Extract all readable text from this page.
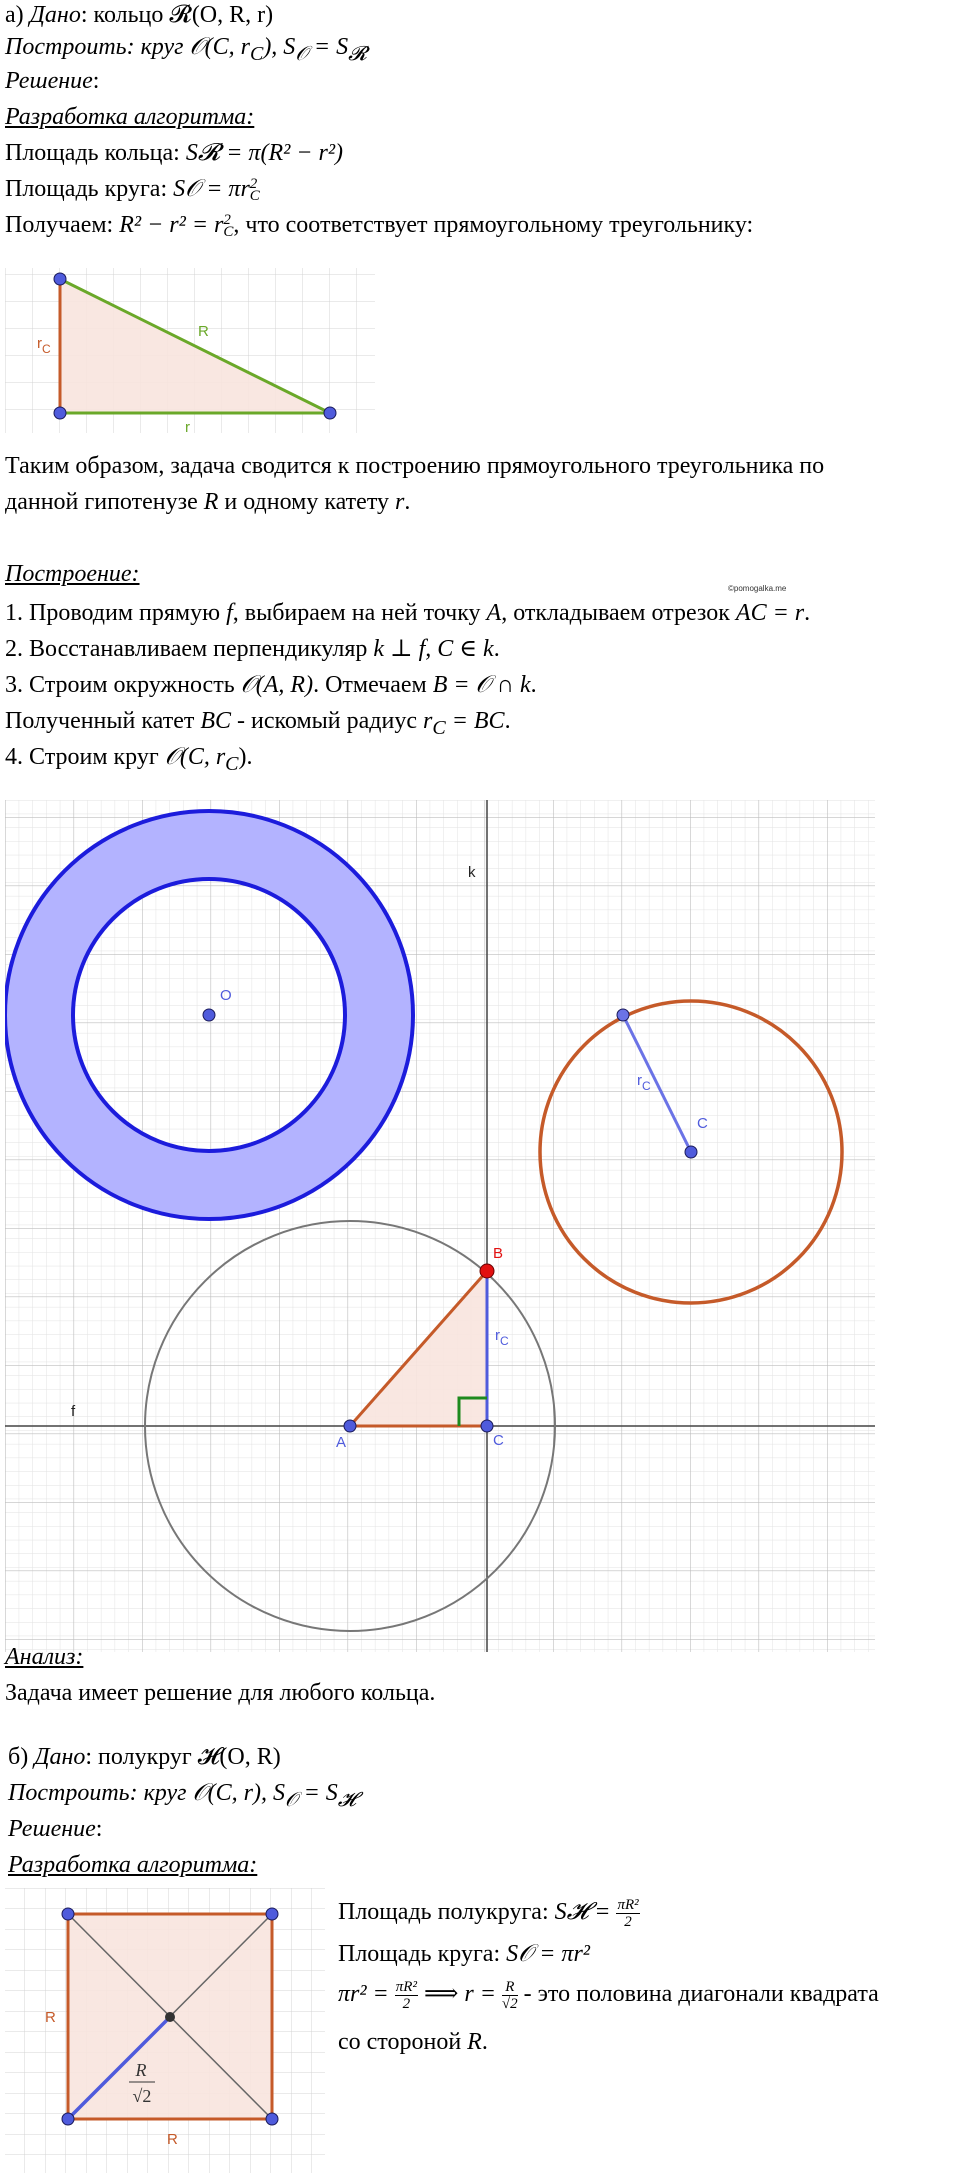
а) Дано: кольцо 𝓡(O, R, r)
Построить: круг 𝒪(C, $r_C$), $S_𝒪 = S_𝓡$
Решение:
Разработка алгоритма:
Площадь кольца: S𝓡 = π(R² − r²)
Площадь круга: S𝒪 = πr 2
C
Получаем: R² − r² = r 2
C , что соответствует прямоугольному треугольнику:
$r_C$
R
r
Таким образом, задача сводится к построению прямоугольного треугольника по
данной гипотенузе R и одному катету r.
Построение:
©pomogalka.me
1. Проводим прямую f, выбираем на ней точку A, откладываем отрезок AC = r.
2. Восстанавливаем перпендикуляр k ⊥ f, C ∈ k.
3. Строим окружность 𝒪(A, R). Отмечаем B = 𝒪 ∩ k.
Полученный катет BC - искомый радиус $r_C$ = BC.
4. Строим круг 𝒪(C, $r_C$).
O
k
B
$r_C$
A	C
f
C
$r_C$
Анализ:
Задача имеет решение для любого кольца.
б) Дано: полукруг 𝓗(O, R)
Построить: круг 𝒪(C, r), $S_𝒪 = S_𝓗$
Решение:
Разработка алгоритма:
R
R
R
√2
Площадь полукруга: S𝓗 = $\frac{\text{πR²}}{2}$
Площадь круга: S𝒪 = πr²
$\pi r^2 = \frac{\text{πR²}}{2}$ ⟹ $r = \frac{R}{√2}$ - это половина диагонали квадрата
со стороной R.
